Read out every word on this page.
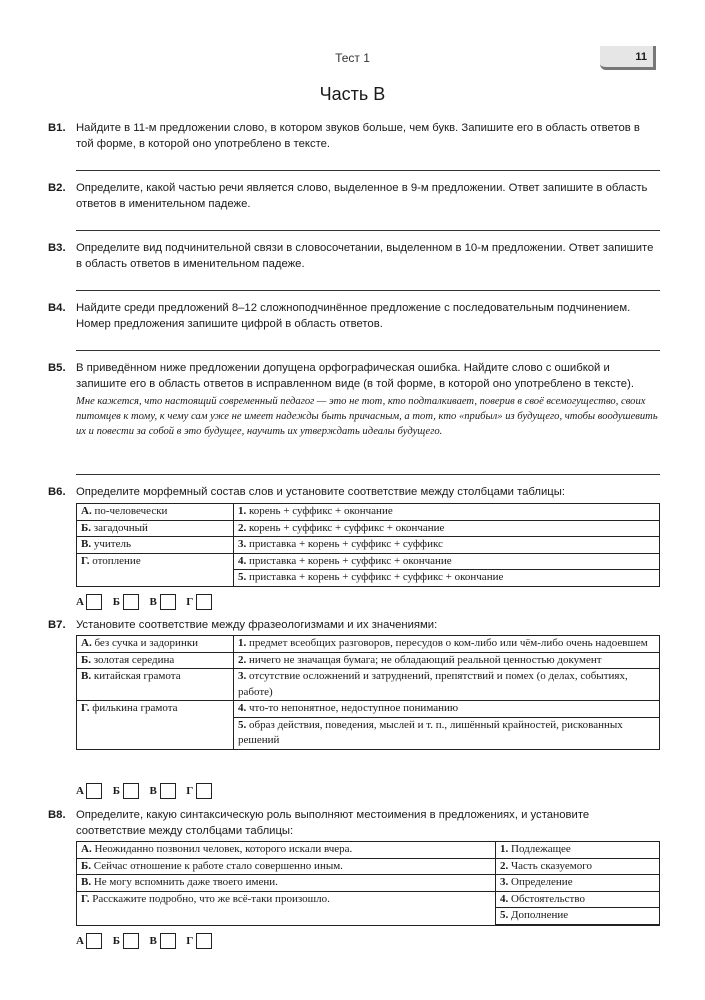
Тест 1	11
Часть В
B1. Найдите в 11-м предложении слово, в котором звуков больше, чем букв. Запишите его в область ответов в той форме, в которой оно употреблено в тексте.
B2. Определите, какой частью речи является слово, выделенное в 9-м предложении. Ответ запишите в область ответов в именительном падеже.
B3. Определите вид подчинительной связи в словосочетании, выделенном в 10-м предложении. Ответ запишите в область ответов в именительном падеже.
B4. Найдите среди предложений 8–12 сложноподчинённое предложение с последовательным подчинением. Номер предложения запишите цифрой в область ответов.
B5. В приведённом ниже предложении допущена орфографическая ошибка. Найдите слово с ошибкой и запишите его в область ответов в исправленном виде (в той форме, в которой оно употреблено в тексте).
Мне кажется, что настоящий современный педагог — это не тот, кто подталкивает, поверив в своё всемогущество, своих питомцев к тому, к чему сам уже не имеет надежды быть причасным, а тот, кто «прибыл» из будущего, чтобы воодушевить их и повести за собой в это будущее, научить их утверждать идеалы будущего.
B6. Определите морфемный состав слов и установите соответствие между столбцами таблицы:
А. по-человечески	1. корень + суффикс + окончание
Б. загадочный	2. корень + суффикс + суффикс + окончание
В. учитель	3. приставка + корень + суффикс + суффикс
Г. отопление	4. приставка + корень + суффикс + окончание
	5. приставка + корень + суффикс + суффикс + окончание
А	Б	В	Г
B7. Установите соответствие между фразеологизмами и их значениями:
А. без сучка и задоринки	1. предмет всеобщих разговоров, пересудов о ком-либо или чём-либо очень надоевшем
Б. золотая середина	2. ничего не значащая бумага; не обладающий реальной ценностью документ
В. китайская грамота	3. отсутствие осложнений и затруднений, препятствий и помех (о делах, событиях, работе)
Г. филькина грамота	4. что-то непонятное, недоступное пониманию
	5. образ действия, поведения, мыслей и т. п., лишённый крайностей, рискованных решений
А	Б	В	Г
B8. Определите, какую синтаксическую роль выполняют местоимения в предложениях, и установите соответствие между столбцами таблицы:
А. Неожиданно позвонил человек, которого искали вчера.	1. Подлежащее
Б. Сейчас отношение к работе стало совершенно иным.	2. Часть сказуемого
В. Не могу вспомнить даже твоего имени.	3. Определение
Г. Расскажите подробно, что же всё-таки произошло.	4. Обстоятельство
	5. Дополнение

А	Б	В	Г
